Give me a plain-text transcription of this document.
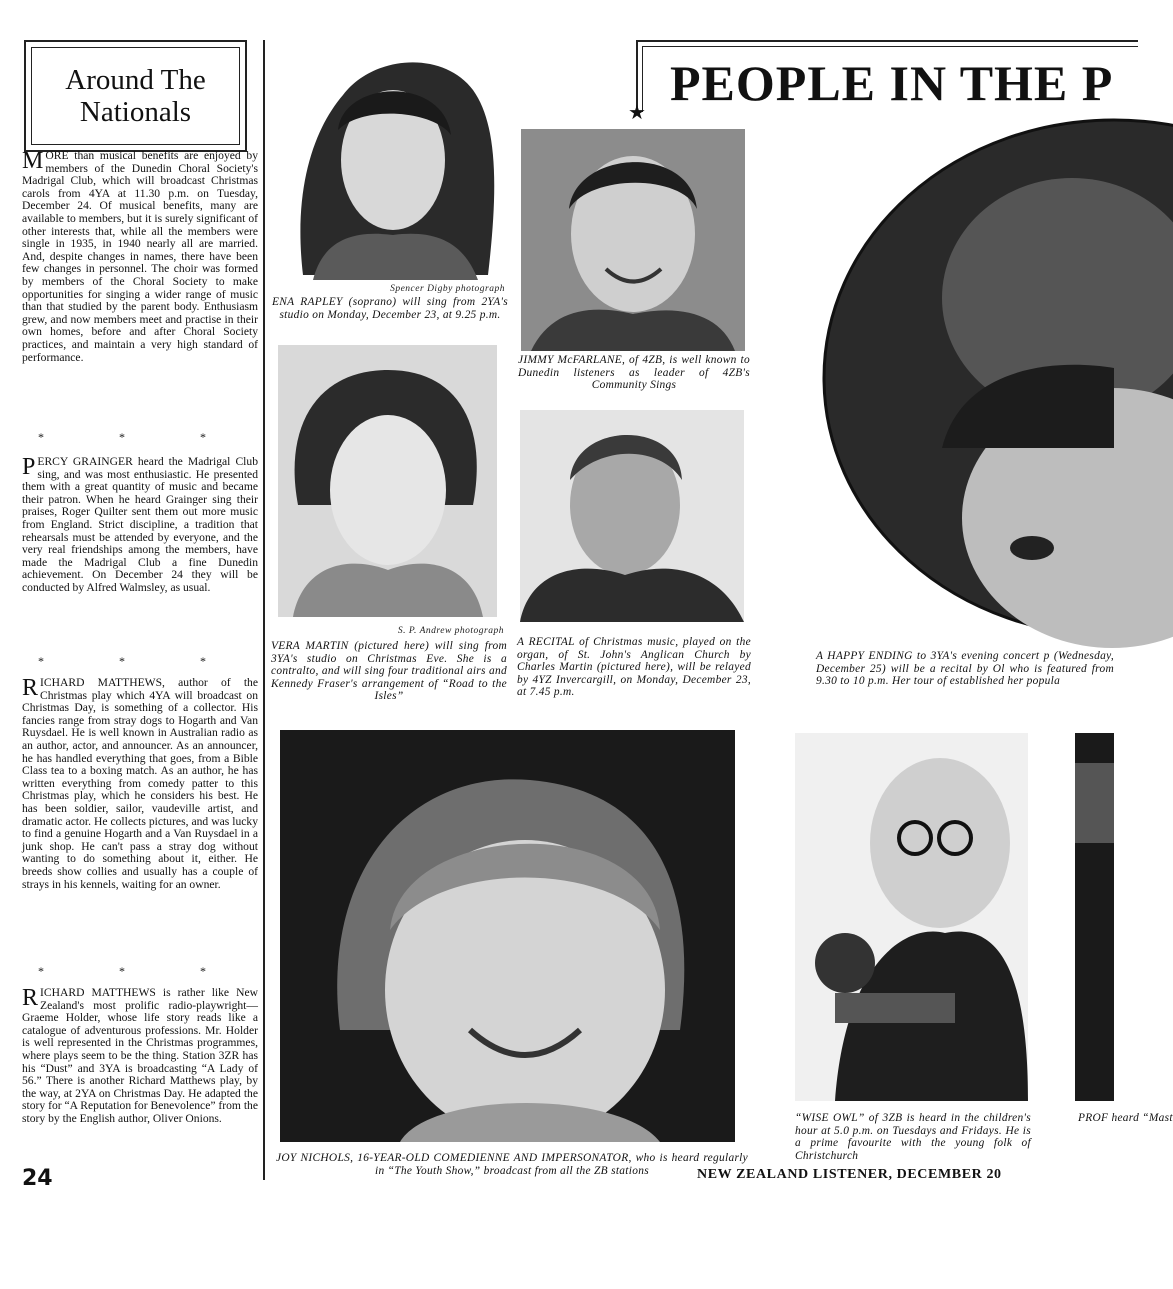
Around The Nationals
MORE than musical benefits are enjoyed by members of the Dunedin Choral Society's Madrigal Club, which will broadcast Christmas carols from 4YA at 11.30 p.m. on Tuesday, December 24. Of musical benefits, many are available to members, but it is surely significant of other interests that, while all the members were single in 1935, in 1940 nearly all are married. And, despite changes in names, there have been few changes in personnel. The choir was formed by members of the Choral Society to make opportunities for singing a wider range of music than that studied by the parent body. Enthusiasm grew, and now members meet and practise in their own homes, before and after Choral Society practices, and maintain a very high standard of performance.
* * *
PERCY GRAINGER heard the Madrigal Club sing, and was most enthusiastic. He presented them with a great quantity of music and became their patron. When he heard Grainger sing their praises, Roger Quilter sent them out more music from England. Strict discipline, a tradition that rehearsals must be attended by everyone, and the very real friendships among the members, have made the Madrigal Club a fine Dunedin achievement. On December 24 they will be conducted by Alfred Walmsley, as usual.
* * *
RICHARD MATTHEWS, author of the Christmas play which 4YA will broadcast on Christmas Day, is something of a collector. His fancies range from stray dogs to Hogarth and Van Ruysdael. He is well known in Australian radio as an author, actor, and announcer. As an announcer, he has handled everything that goes, from a Bible Class tea to a boxing match. As an author, he has written everything from comedy patter to this Christmas play, which he considers his best. He has been soldier, sailor, vaudeville artist, and dramatic actor. He collects pictures, and was lucky to find a genuine Hogarth and a Van Ruysdael in a junk shop. He can't pass a stray dog without wanting to do something about it, either. He breeds show collies and usually has a couple of strays in his kennels, waiting for an owner.
* * *
RICHARD MATTHEWS is rather like New Zealand's most prolific radio-playwright—Graeme Holder, whose life story reads like a catalogue of adventurous professions. Mr. Holder is well represented in the Christmas programmes, where plays seem to be the thing. Station 3ZR has his “Dust” and 3YA is broadcasting “A Lady of 56.” There is another Richard Matthews play, by the way, at 2YA on Christmas Day. He adapted the story for “A Reputation for Benevolence” from the story by the English author, Oliver Onions.
Spencer Digby photograph
ENA RAPLEY (soprano) will sing from 2YA's studio on Monday, December 23, at 9.25 p.m.
JIMMY McFARLANE, of 4ZB, is well known to Dunedin listeners as leader of 4ZB's Community Sings
S. P. Andrew photograph
VERA MARTIN (pictured here) will sing from 3YA's studio on Christmas Eve. She is a contralto, and will sing four traditional airs and Kennedy Fraser's arrangement of “Road to the Isles”
A RECITAL of Christmas music, played on the organ, of St. John's Anglican Church by Charles Martin (pictured here), will be relayed by 4YZ Invercargill, on Monday, December 23, at 7.45 p.m.
PEOPLE IN THE P
★
A HAPPY ENDING to 3YA's evening concert p (Wednesday, December 25) will be a recital by Ol who is featured from 9.30 to 10 p.m. Her tour of established her popula
JOY NICHOLS, 16-YEAR-OLD COMEDIENNE AND IMPERSONATOR, who is heard regularly in “The Youth Show,” broadcast from all the ZB stations
“WISE OWL” of 3ZB is heard in the children's hour at 5.0 p.m. on Tuesdays and Fridays. He is a prime favourite with the young folk of Christchurch
PROF heard “Mast
24	NEW ZEALAND LISTENER, DECEMBER 20
